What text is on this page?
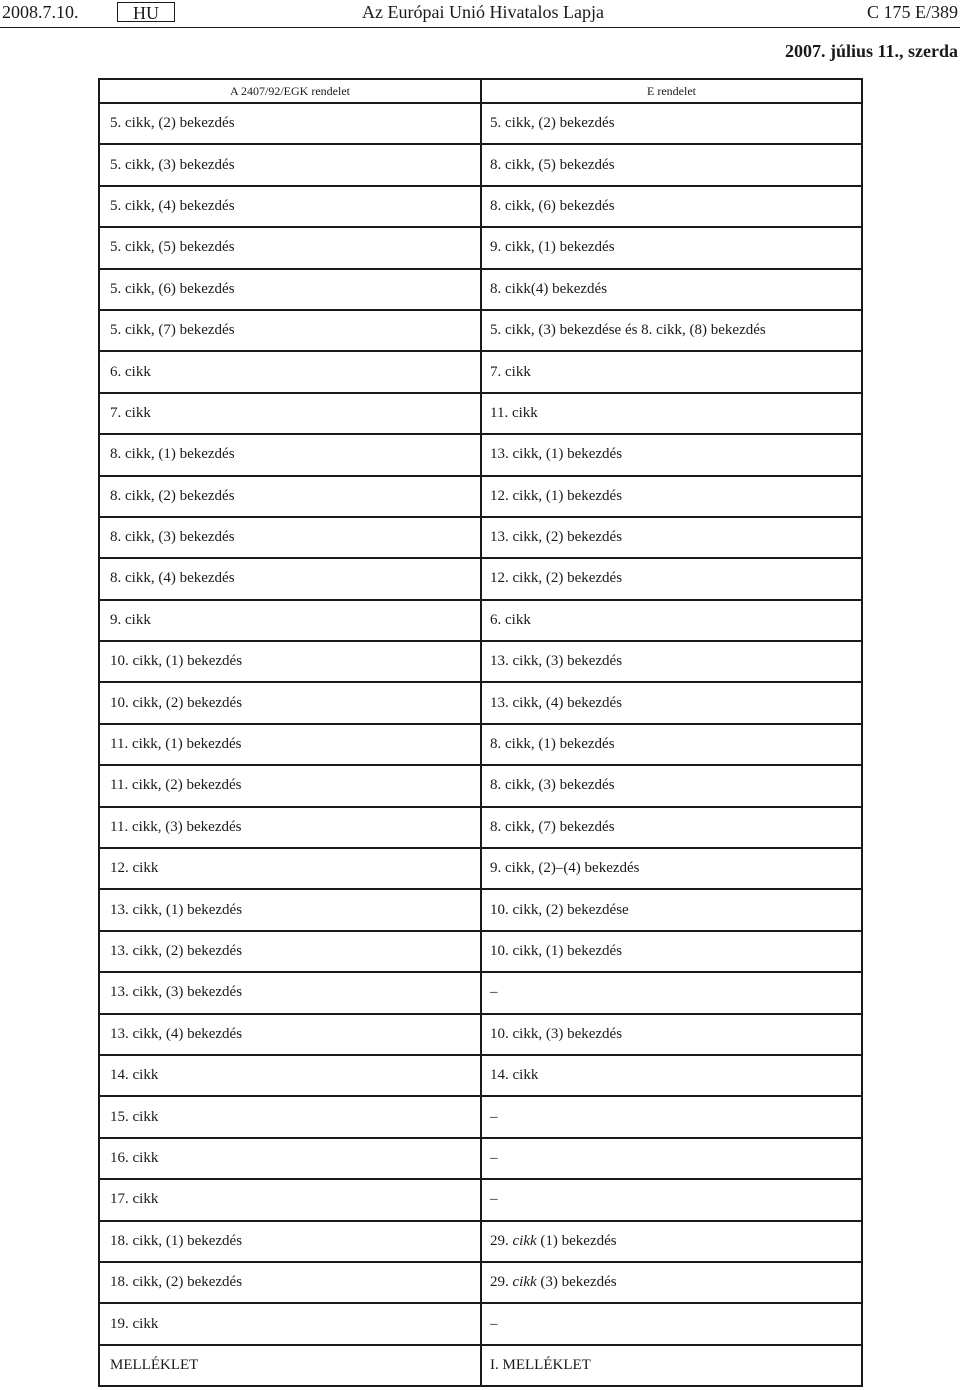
2008.7.10.	HU	Az Európai Unió Hivatalos Lapja	C 175 E/389
2007. július 11., szerda
A 2407/92/EGK rendelet	E rendelet
5. cikk, (2) bekezdés	5. cikk, (2) bekezdés
5. cikk, (3) bekezdés	8. cikk, (5) bekezdés
5. cikk, (4) bekezdés	8. cikk, (6) bekezdés
5. cikk, (5) bekezdés	9. cikk, (1) bekezdés
5. cikk, (6) bekezdés	8. cikk(4) bekezdés
5. cikk, (7) bekezdés	5. cikk, (3) bekezdése és 8. cikk, (8) bekezdés
6. cikk	7. cikk
7. cikk	11. cikk
8. cikk, (1) bekezdés	13. cikk, (1) bekezdés
8. cikk, (2) bekezdés	12. cikk, (1) bekezdés
8. cikk, (3) bekezdés	13. cikk, (2) bekezdés
8. cikk, (4) bekezdés	12. cikk, (2) bekezdés
9. cikk	6. cikk
10. cikk, (1) bekezdés	13. cikk, (3) bekezdés
10. cikk, (2) bekezdés	13. cikk, (4) bekezdés
11. cikk, (1) bekezdés	8. cikk, (1) bekezdés
11. cikk, (2) bekezdés	8. cikk, (3) bekezdés
11. cikk, (3) bekezdés	8. cikk, (7) bekezdés
12. cikk	9. cikk, (2)–(4) bekezdés
13. cikk, (1) bekezdés	10. cikk, (2) bekezdése
13. cikk, (2) bekezdés	10. cikk, (1) bekezdés
13. cikk, (3) bekezdés	–
13. cikk, (4) bekezdés	10. cikk, (3) bekezdés
14. cikk	14. cikk
15. cikk	–
16. cikk	–
17. cikk	–
18. cikk, (1) bekezdés	29. cikk (1) bekezdés
18. cikk, (2) bekezdés	29. cikk (3) bekezdés
19. cikk	–
MELLÉKLET	I. MELLÉKLET
